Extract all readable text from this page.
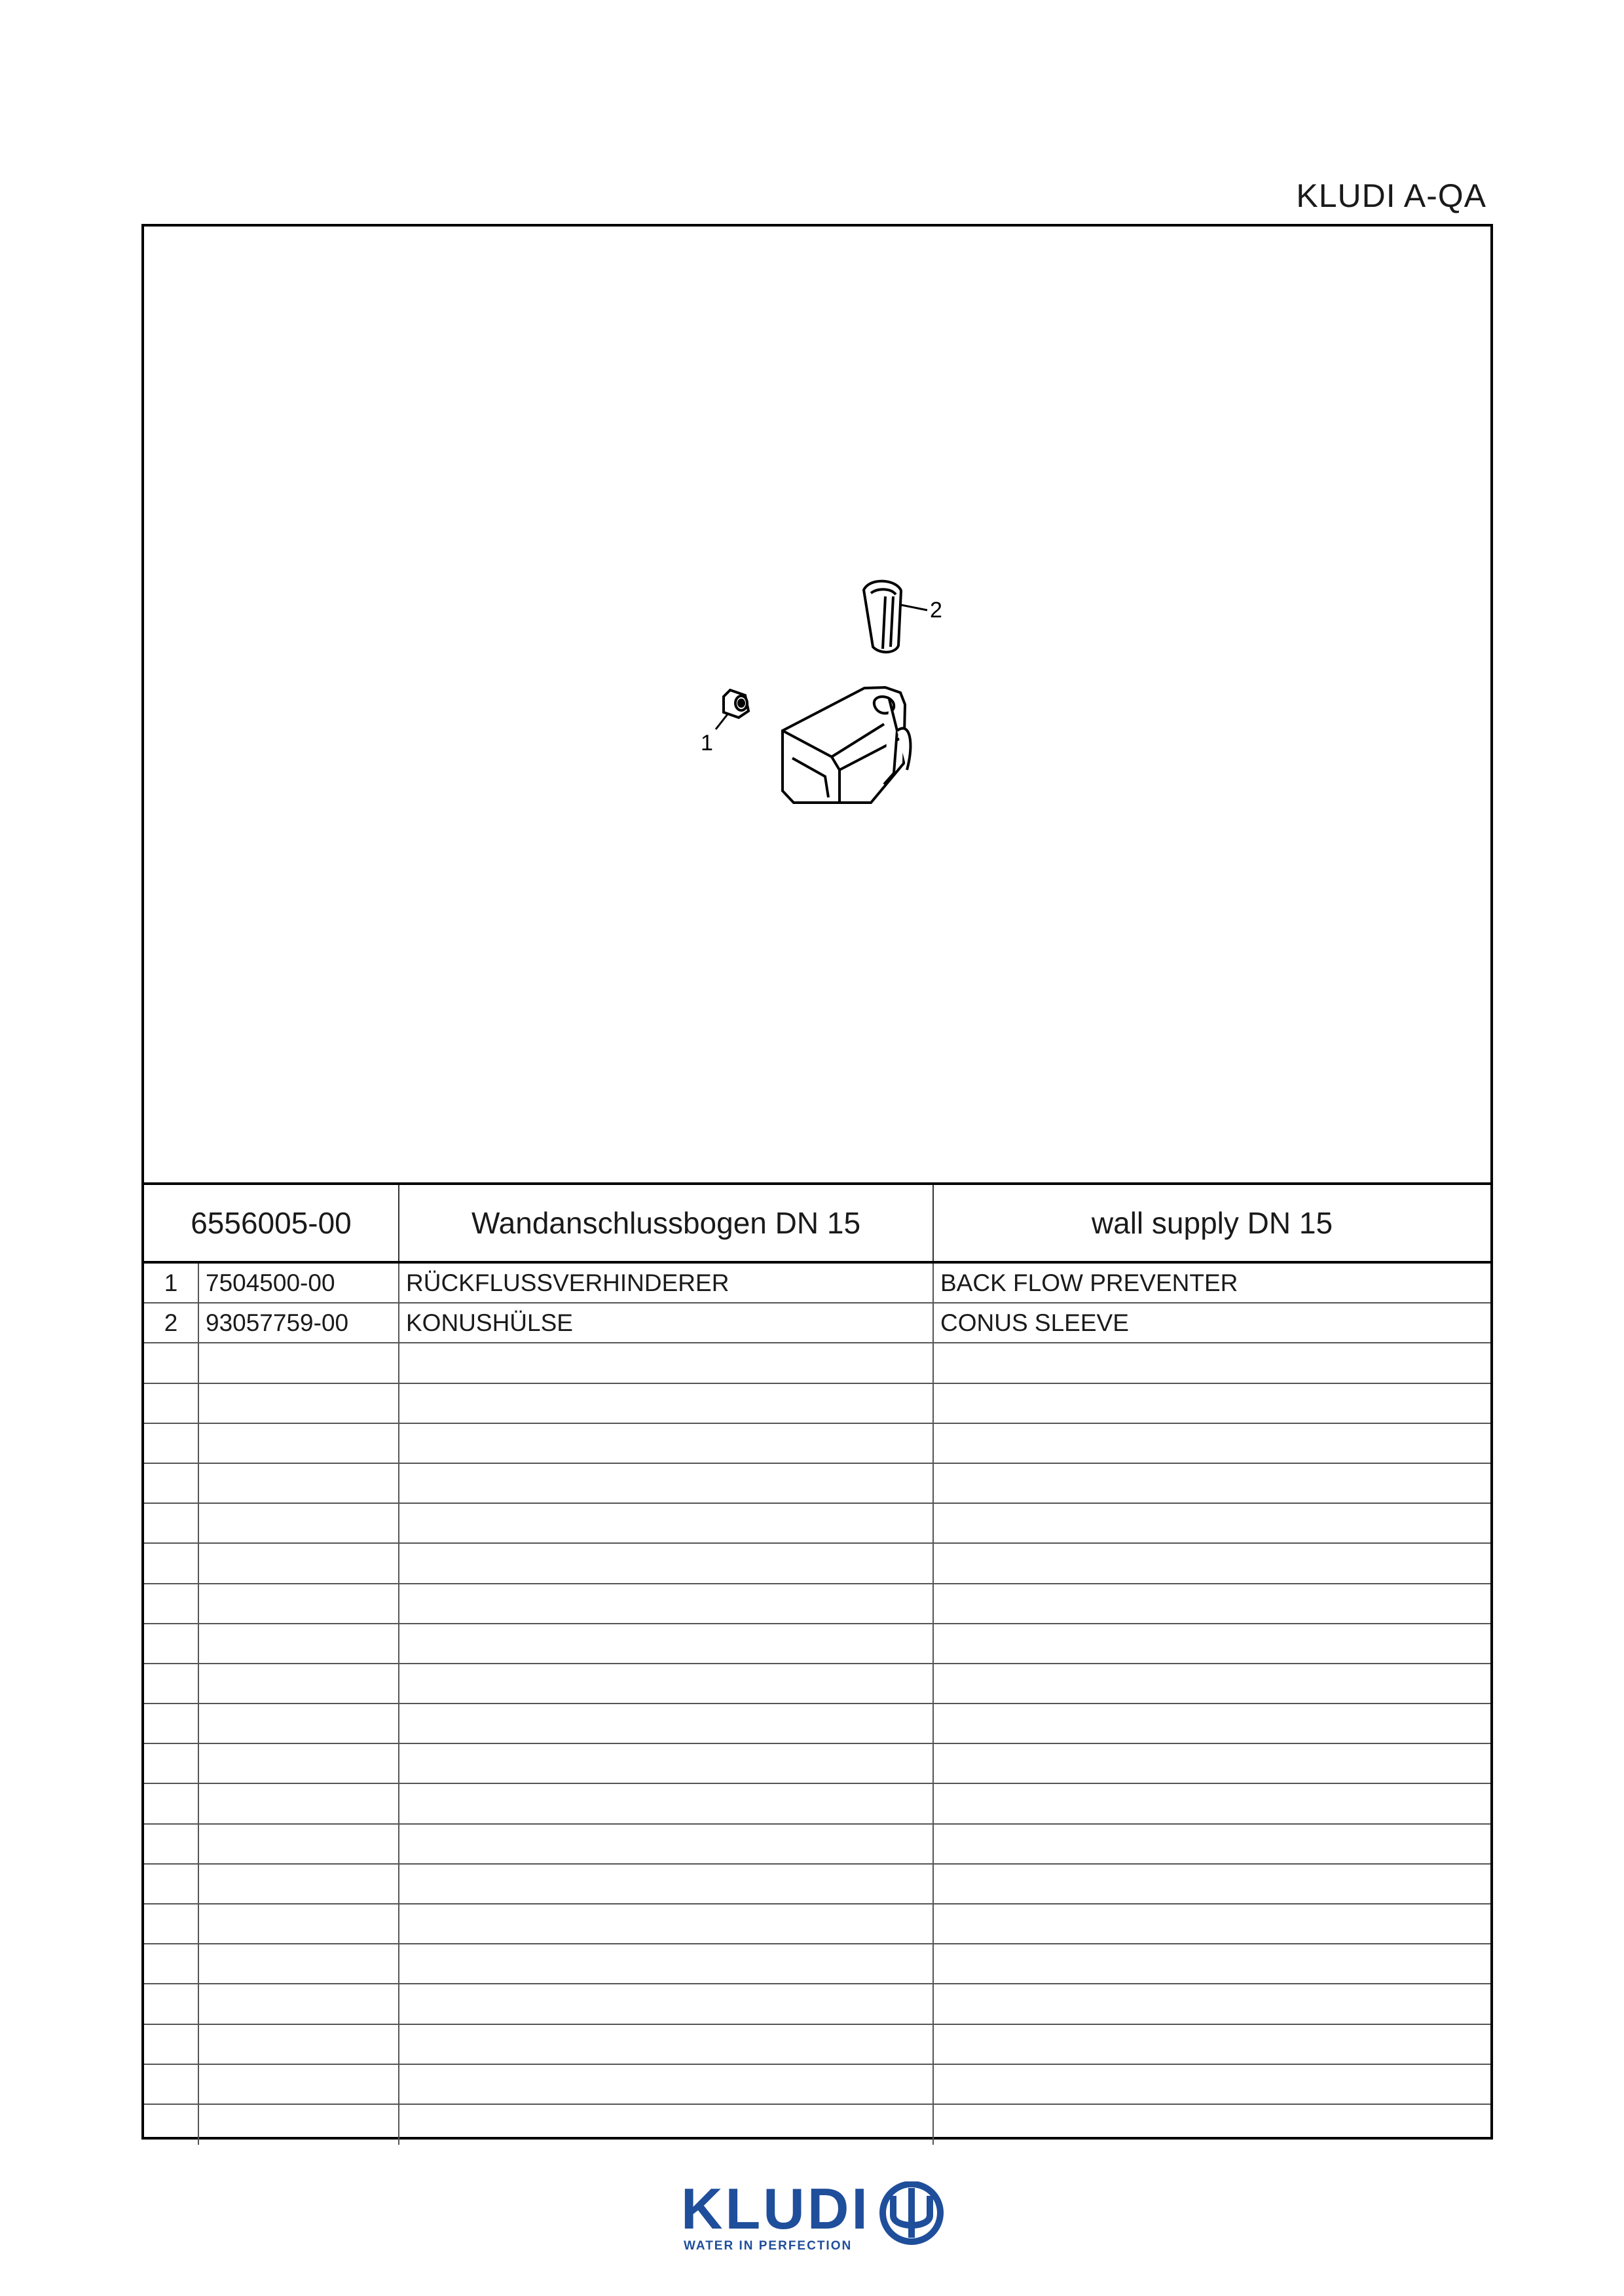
KLUDI A-QA
2
1
6556005-00	Wandanschlussbogen DN 15	wall supply DN 15
1	7504500-00	RÜCKFLUSSVERHINDERER	BACK FLOW PREVENTER
2	93057759-00	KONUSHÜLSE	CONUS SLEEVE
KLUDI
WATER IN PERFECTION
